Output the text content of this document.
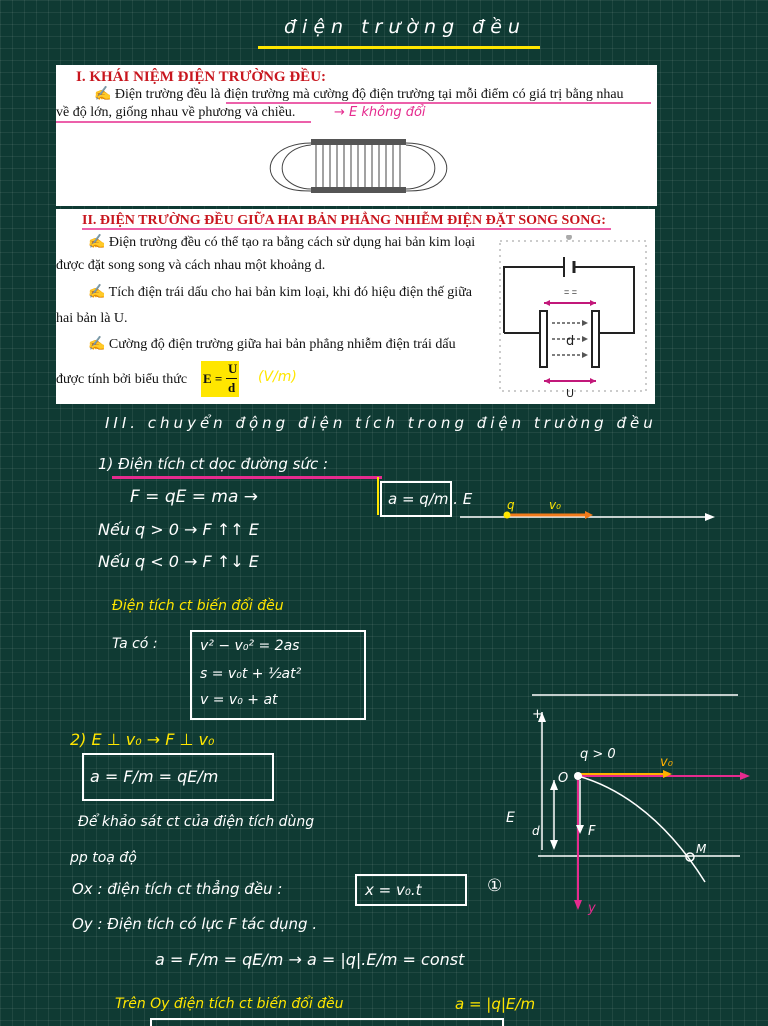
điện trường đều
I. KHÁI NIỆM ĐIỆN TRƯỜNG ĐỀU:
✍ Điện trường đều là điện trường mà cường độ điện trường tại mỗi điểm có giá trị bằng nhau
về độ lớn, giống nhau về phương và chiều.	→ E không đổi
II. ĐIỆN TRƯỜNG ĐỀU GIỮA HAI BẢN PHẲNG NHIỄM ĐIỆN ĐẶT SONG SONG:
✍ Điện trường đều có thể tạo ra bằng cách sử dụng hai bản kim loại
được đặt song song và cách nhau một khoảng d.
✍ Tích điện trái dấu cho hai bản kim loại, khi đó hiệu điện thế giữa
hai bản là U.
✍ Cường độ điện trường giữa hai bản phẳng nhiễm điện trái dấu
được tính bởi biểu thức E =
U
d
(V/m)
= =
d
U
III. chuyển động điện tích trong điện trường đều
1) Điện tích ct dọc đường sức :
F = qE = ma →	a = q/m . E
Nếu q > 0 → F ↑↑ E
Nếu q < 0 → F ↑↓ E
q	v₀
Điện tích ct biến đổi đều
Ta có :	v² − v₀² = 2as
s = v₀t + ½at²
v = v₀ + at
2) E ⊥ v₀ → F ⊥ v₀
a = F/m = qE/m
Để khảo sát ct của điện tích dùng
pp toạ độ
Ox : điện tích ct thẳng đều :	x = v₀.t	①
Oy : Điện tích có lực F tác dụng .
a = F/m = qE/m → a = |q|.E/m = const
Trên Oy điện tích ct biến đổi đều	a = |q|E/m
+
q > 0
O
v₀
E
d	F
M
y
